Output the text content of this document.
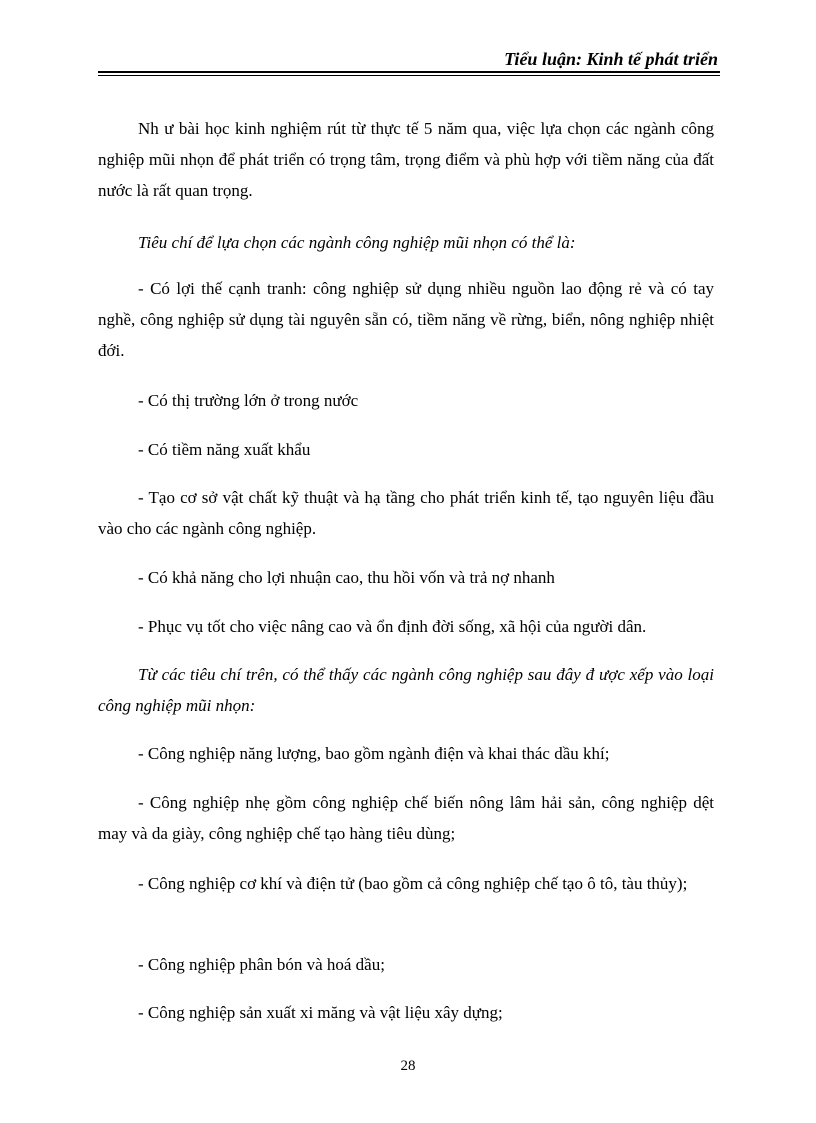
Tiểu luận: Kinh tế phát triển

Nh ư bài học kinh nghiệm rút từ thực tế 5 năm qua, việc lựa chọn các ngành công nghiệp mũi nhọn để phát triển có trọng tâm, trọng điểm và phù hợp với tiềm năng của đất nước là rất quan trọng.

Tiêu chí để lựa chọn các ngành công nghiệp mũi nhọn có thể là:

- Có lợi thế cạnh tranh: công nghiệp sử dụng nhiều nguồn lao động rẻ và có tay nghề, công nghiệp sử dụng tài nguyên sẵn có, tiềm năng về rừng, biển, nông nghiệp nhiệt đới.

- Có thị trường lớn ở trong nước

- Có tiềm năng xuất khẩu

- Tạo cơ sở vật chất kỹ thuật và hạ tầng cho phát triển kinh tế, tạo nguyên liệu đầu vào cho các ngành công nghiệp.

- Có khả năng cho lợi nhuận cao, thu hồi vốn và trả nợ nhanh

- Phục vụ tốt cho việc nâng cao và ổn định đời sống, xã hội của người dân.

Từ các tiêu chí trên, có thể thấy các ngành công nghiệp sau đây đ ược xếp vào loại công nghiệp mũi nhọn:

- Công nghiệp năng lượng, bao gồm ngành điện và khai thác dầu khí;

- Công nghiệp nhẹ gồm công nghiệp chế biến nông lâm hải sản, công nghiệp dệt may và da giày, công nghiệp chế tạo hàng tiêu dùng;

- Công nghiệp cơ khí và điện tử (bao gồm cả công nghiệp chế tạo ô tô, tàu thủy);

- Công nghiệp phân bón và hoá dầu;

- Công nghiệp sản xuất xi măng và vật liệu xây dựng;

28
